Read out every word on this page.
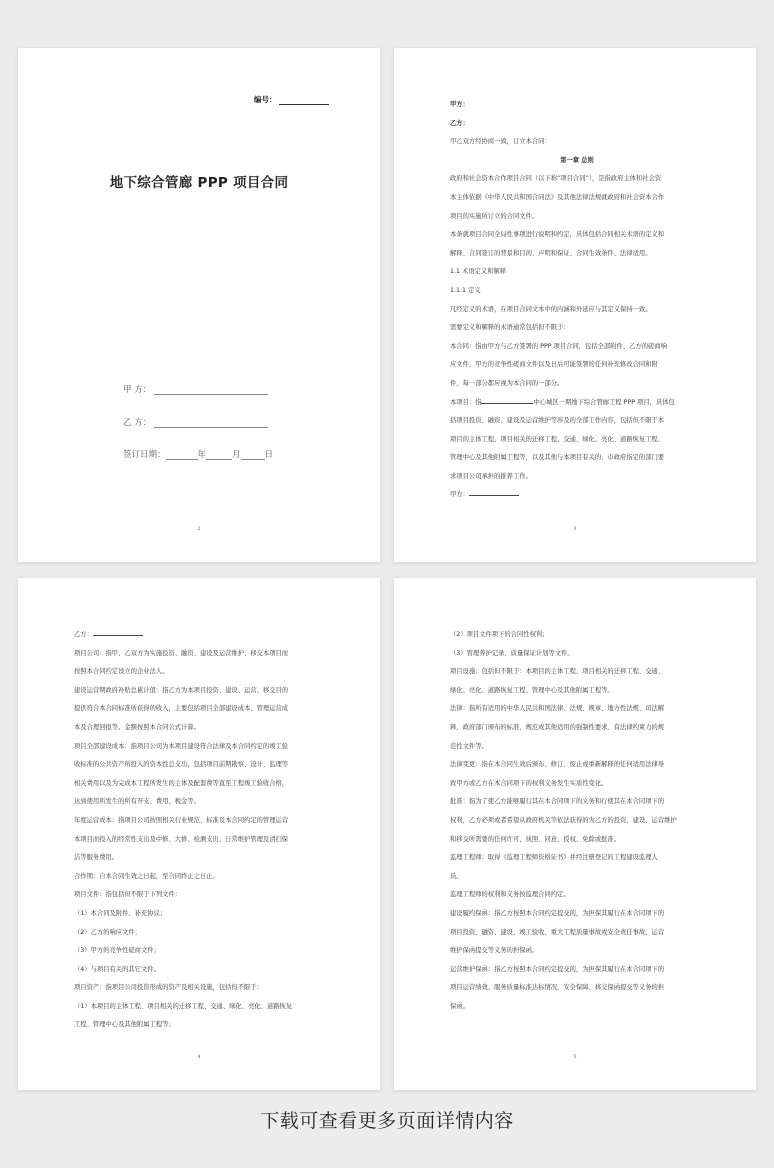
编号：
地下综合管廊 PPP 项目合同
甲 方：
乙 方：
签订日期：	年	月	日
2

甲方：

乙方：

甲乙双方经协商一致，订立本合同：

第一章 总则

政府和社会资本合作项目合同（以下称“项目合同”），是指政府主体和社会资

本主体依据《中华人民共和国合同法》及其他法律法规就政府和社会资本合作

项目的实施所订立的合同文件。

本条就项目合同全局性事项进行说明和约定，具体包括合同相关术语的定义和

解释、合同签订的背景和目的、声明和保证、合同生效条件、法律适用。

1.1 术语定义和解释

1.1.1 定义

凡经定义的术语，在项目合同文本中的内涵和外延应与其定义保持一致。

需要定义和解释的术语通常包括但不限于：

本合同：指由甲方与乙方签署的 PPP 项目合同，包括全部附件、乙方的磋商响

应文件，甲方的竞争性磋商文件以及日后可能签署的任何补充修改合同和附

件，每一部分都应视为本合同的一部分。

本项目：指	中心城区一期地下综合管廊工程 PPP 项目，具体包

括项目投资、融资、建设及运营维护等涉及的全部工作内容，包括但不限于本

项目的主体工程、项目相关的迁移工程、交通、绿化、亮化、道路恢复工程、

管理中心及其他附属工程等，以及其他与本项目有关的、市政府指定的部门要

求项目公司承担的推养工作。

甲方：

3

乙方：

项目公司：指甲、乙双方为实施投资、融资、建设及运营维护、移交本项目而

按照本合同约定设立的企业法人。

建设运营期政府补贴总累计值：指乙方为本项目投资、建设、运营、移交目的

提供符合本合同标准所获得的收入，主要包括项目全部建设成本、管理运营成

本及合理回报等。金额按照本合同公式计算。

项目全部建设成本：指项目公司为本项目建设符合法律及本合同约定的竣工验

收标准的公共资产所投入的资本性总支出，包括项目前期勘察、设计、监理等

相关费用以及为完成本工程所发生的主体及配套费等直至工程竣工验收合格，

达到使用所发生的所有开支、费用、税金等。

年度运营成本：指项目公司按照相关行业规范、标准及本合同约定的管理运营

本项目而投入的经常性支出及中修、大修、检测支出、日常维护管理及清扫保

洁等服务费用。

合作期：自本合同生效之日起，至合同终止之日止。

项目文件：指包括但不限于下列文件：

（1）本合同及附件、补充协议；

（2）乙方的响应文件；

（3）甲方的竞争性磋商文件；

（4）与项目有关的其它文件。

项目资产：指项目公司投资形成的资产及相关设施，包括但不限于：

（1）本项目的主体工程、项目相关的迁移工程、交通、绿化、亮化、道路恢复

工程、管理中心及其他附属工程等；

4

（2）项目文件项下的合同性权利；

（3）管理养护记录、质量保证计划等文件。

项目设施：包括但不限于：本项目的主体工程、项目相关的迁移工程、交通、

绿化、亮化、道路恢复工程、管理中心及其他附属工程等。

法律：指所有适用的中华人民共和国法律、法规、规章、地方性法规、司法解

释、政府部门颁布的标准、规范或其他适用的强制性要求、有法律约束力的规

范性文件等。

法律变更：指在本合同生效后颁布、修订、废止或重新解释的任何适用法律导

致甲方或乙方在本合同项下的权利义务发生实质性变化。

批准：指为了使乙方能够履行其在本合同项下的义务和行使其在本合同项下的

权利，乙方必须或者希望从政府机关等依法获得的为乙方的投资、建设、运营维护

和移交所需要的任何许可、执照、同意、授权、免除或批准。

监理工程师：取得《监理工程师资格证书》并经注册登记的工程建设监理人

员。

监理工程师的权利和义务按监理合同约定。

建设履约保函：指乙方按照本合同约定提交的，为担保其履行在本合同项下的

项目投资、融资、建设、竣工验收、重大工程质量事故或安全责任事故、运营

维护保函提交等义务的担保函。

运营维护保函：指乙方按照本合同约定提交的，为担保其履行在本合同项下的

项目运营绩效、服务质量标准达标情况、安全保障、移交保函提交等义务的担

保函。

5
下载可查看更多页面详情内容
